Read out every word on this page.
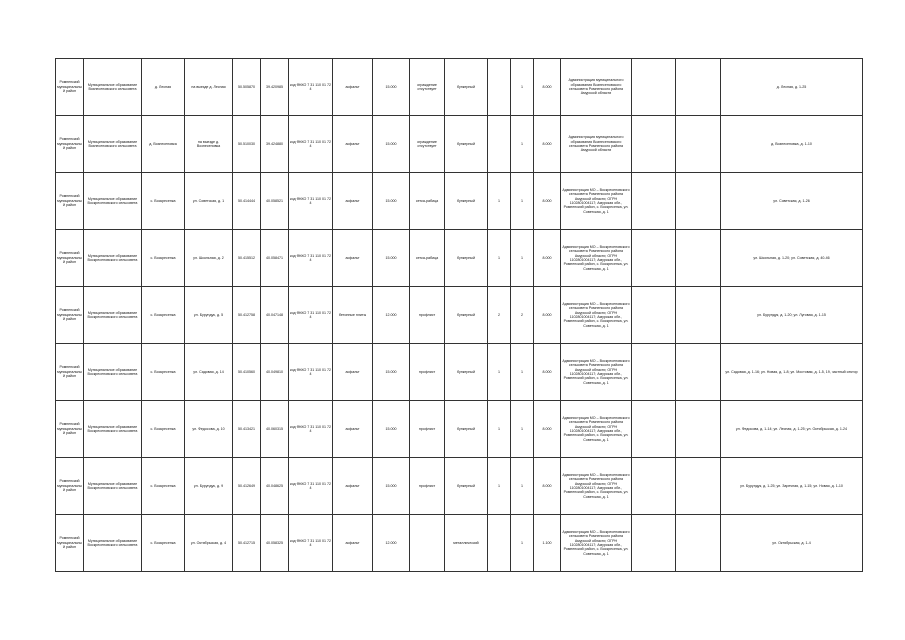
Ромненский муниципальный район	Муниципальное образование Вознесеновского сельсовета	д. Лесная	на выезде д. Лесная	50.505870	39.420985	код ФККО 7 31 110 01 72 4	асфальт	15.000	ограждение отсутствует	бункерный		1	8.000	Администрация муниципального образования Вознесеновского сельсовета Ромненского района Амурской области			д. Лесная, д. 1-25
Ромненский муниципальный район	Муниципальное образование Вознесеновского сельсовета	д. Вознесеновка	на выезде д. Вознесеновка	50.510030	39.424880	код ФККО 7 31 110 01 72 4	асфальт	15.000	ограждение отсутствует	бункерный		1	8.000	Администрация муниципального образования Вознесеновского сельсовета Ромненского района Амурской области			д. Вознесеновка, д. 1-10
Ромненский муниципальный район	Муниципальное образование Воскресеновского сельсовета	с. Воскресенка	ул. Советская, д. 1	50.414444	40.058521	код ФККО 7 31 110 01 72 4	асфальт	15.000	сетка-рабица	бункерный	1	1	8.000	Администрация МО – Воскресеновского сельсовета Ромненского района Амурской области; ОГРН 1102801004117; Амурская обл., Ромненский район, с. Воскресенка, ул. Советская, д. 1			ул. Советская, д. 1-26
Ромненский муниципальный район	Муниципальное образование Воскресеновского сельсовета	с. Воскресенка	ул. Школьная, д. 2	50.415512	40.058471	код ФККО 7 31 110 01 72 4	асфальт	15.000	сетка-рабица	бункерный	1	1	8.000	Администрация МО – Воскресеновского сельсовета Ромненского района Амурской области; ОГРН 1102801004117; Амурская обл., Ромненский район, с. Воскресенка, ул. Советская, д. 1			ул. Школьная, д. 1-20; ул. Советская, д. 40-46
Ромненский муниципальный район	Муниципальное образование Воскресеновского сельсовета	с. Воскресенка	ул. Бурундук, д. 5	50.412758	40.047148	код ФККО 7 31 110 01 72 4	бетонные плиты	12.000	профлист	бункерный	2	2	8.000	Администрация МО – Воскресеновского сельсовета Ромненского района Амурской области; ОГРН 1102801004117; Амурская обл., Ромненский район, с. Воскресенка, ул. Советская, д. 1			ул. Бурундук, д. 1-20; ул. Луговая, д. 1-15
Ромненский муниципальный район	Муниципальное образование Воскресеновского сельсовета	с. Воскресенка	ул. Садовая, д. 14	50.410560	40.049810	код ФККО 7 31 110 01 72 4	асфальт	15.000	профлист	бункерный	1	1	8.000	Администрация МО – Воскресеновского сельсовета Ромненского района Амурской области; ОГРН 1102801004117; Амурская обл., Ромненский район, с. Воскресенка, ул. Советская, д. 1			ул. Садовая, д. 1-16; ул. Новая, д. 1-8; ул. Мостовая, д. 1-5, 19, частный сектор
Ромненский муниципальный район	Муниципальное образование Воскресеновского сельсовета	с. Воскресенка	ул. Федосова, д. 10	50.413421	40.060315	код ФККО 7 31 110 01 72 4	асфальт	15.000	профлист	бункерный	1	1	8.000	Администрация МО – Воскресеновского сельсовета Ромненского района Амурской области; ОГРН 1102801004117; Амурская обл., Ромненский район, с. Воскресенка, ул. Советская, д. 1			ул. Федосова, д. 1-14; ул. Лесная, д. 1-25; ул. Октябрьская, д. 1-24
Ромненский муниципальный район	Муниципальное образование Воскресеновского сельсовета	с. Воскресенка	ул. Бурундук, д. 9	50.412649	40.048625	код ФККО 7 31 110 01 72 4	асфальт	15.000	профлист	бункерный	1	1	8.000	Администрация МО – Воскресеновского сельсовета Ромненского района Амурской области; ОГРН 1102801004117; Амурская обл., Ромненский район, с. Воскресенка, ул. Советская, д. 1			ул. Бурундук, д. 1-25; ул. Заречная, д. 1-15; ул. Новая, д. 1-10
Ромненский муниципальный район	Муниципальное образование Воскресеновского сельсовета	с. Воскресенка	ул. Октябрьская, д. 4	50.412715	40.058325	код ФККО 7 31 110 01 72 4	асфальт	12.000		металлический		1	1.100	Администрация МО – Воскресеновского сельсовета Ромненского района Амурской области; ОГРН 1102801004117; Амурская обл., Ромненский район, с. Воскресенка, ул. Советская, д. 1			ул. Октябрьская, д. 1-4
